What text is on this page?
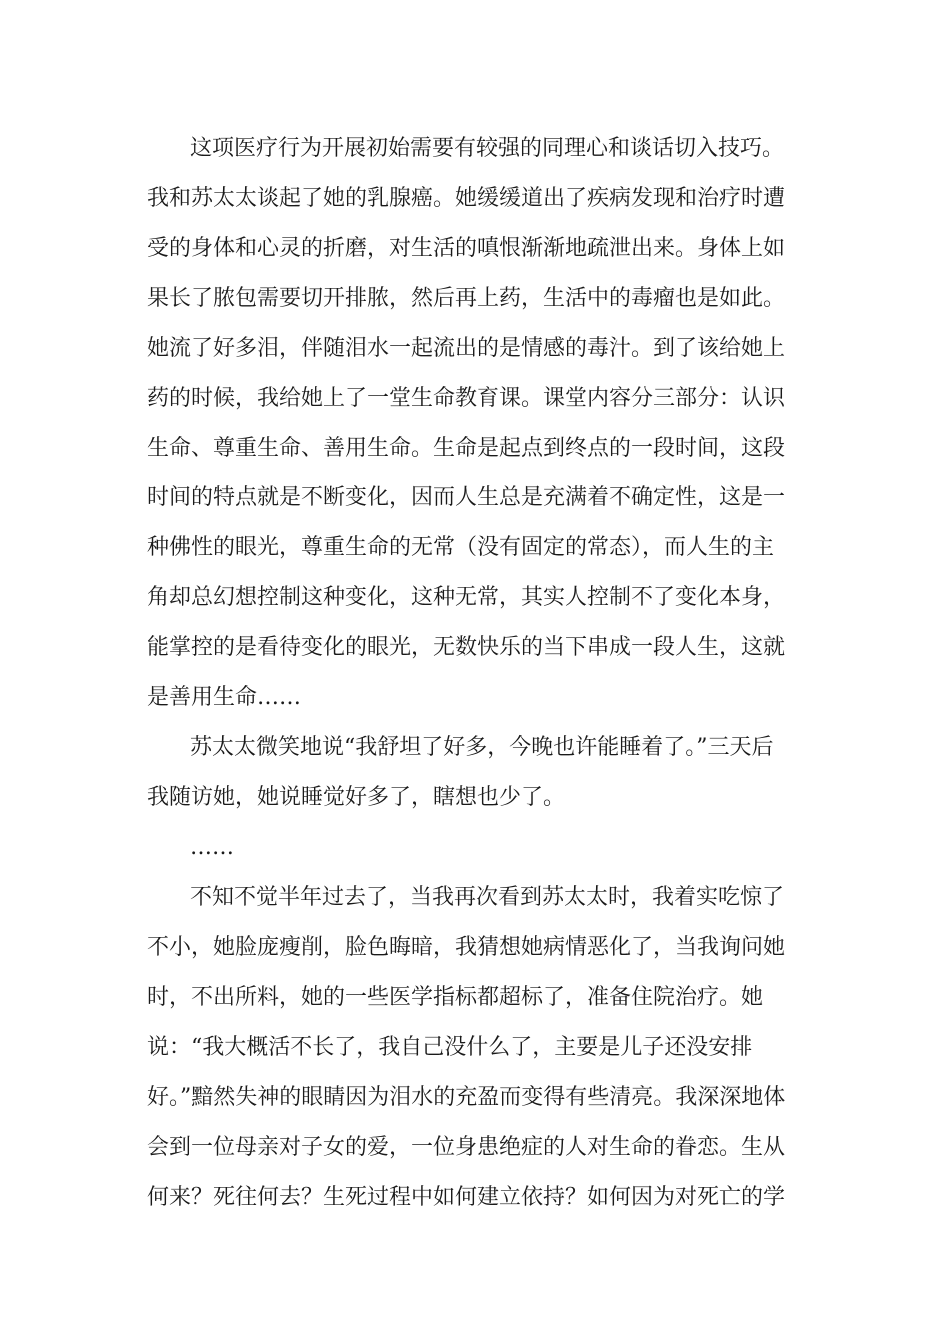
这项医疗行为开展初始需要有较强的同理心和谈话切入技巧。

我和苏太太谈起了她的乳腺癌。她缓缓道出了疾病发现和治疗时遭

受的身体和心灵的折磨，对生活的嗔恨渐渐地疏泄出来。身体上如

果长了脓包需要切开排脓，然后再上药，生活中的毒瘤也是如此。

她流了好多泪，伴随泪水一起流出的是情感的毒汁。到了该给她上

药的时候，我给她上了一堂生命教育课。课堂内容分三部分：认识

生命、尊重生命、善用生命。生命是起点到终点的一段时间，这段

时间的特点就是不断变化，因而人生总是充满着不确定性，这是一

种佛性的眼光，尊重生命的无常（没有固定的常态），而人生的主

角却总幻想控制这种变化，这种无常，其实人控制不了变化本身，

能掌控的是看待变化的眼光，无数快乐的当下串成一段人生，这就

是善用生命……

苏太太微笑地说“我舒坦了好多，今晚也许能睡着了。”三天后

我随访她，她说睡觉好多了，瞎想也少了。

……

不知不觉半年过去了，当我再次看到苏太太时，我着实吃惊了

不小，她脸庞瘦削，脸色晦暗，我猜想她病情恶化了，当我询问她

时，不出所料，她的一些医学指标都超标了，准备住院治疗。她

说：“我大概活不长了，我自己没什么了，主要是儿子还没安排

好。”黯然失神的眼睛因为泪水的充盈而变得有些清亮。我深深地体

会到一位母亲对子女的爱，一位身患绝症的人对生命的眷恋。生从

何来？死往何去？生死过程中如何建立依持？如何因为对死亡的学
